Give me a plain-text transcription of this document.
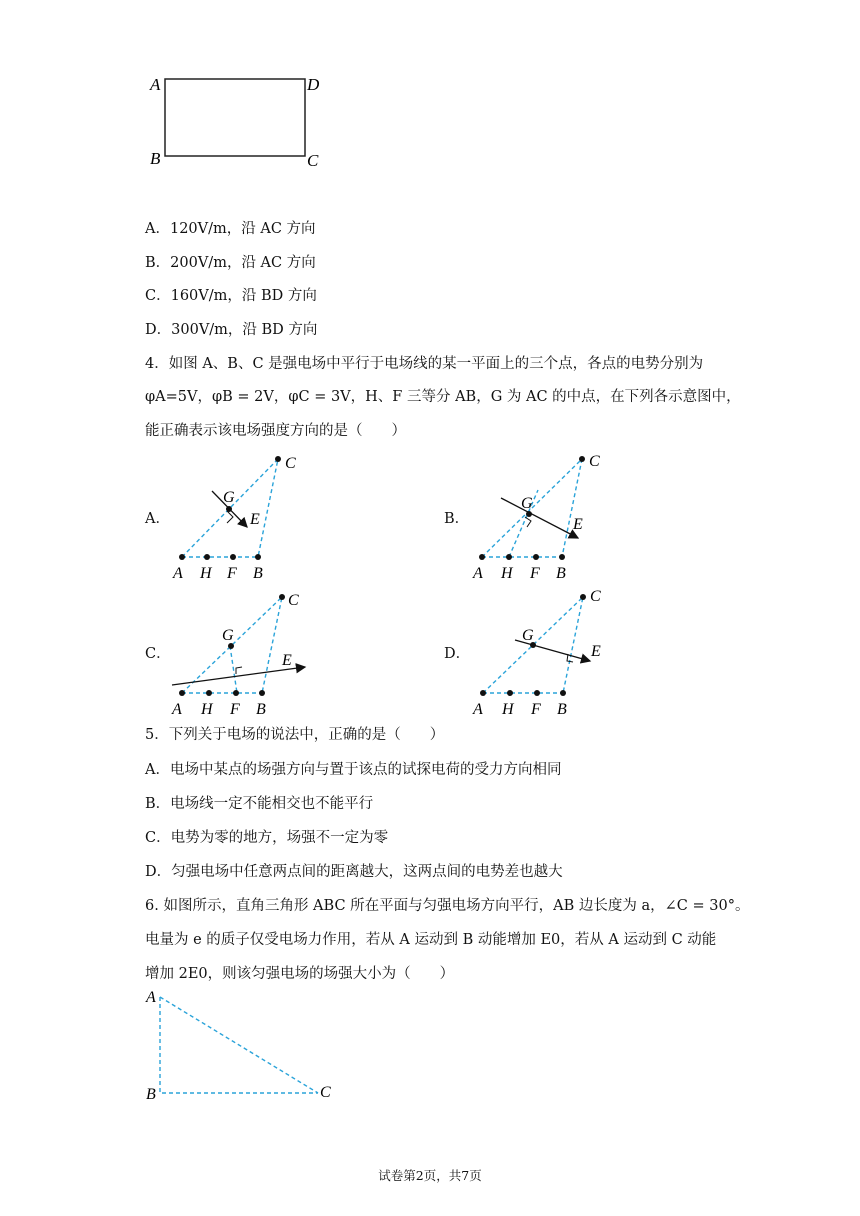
A	D
B	C
A．120V/m，沿 AC 方向
B．200V/m，沿 AC 方向
C．160V/m，沿 BD 方向
D．300V/m，沿 BD 方向
4．如图 A、B、C 是强电场中平行于电场线的某一平面上的三个点，各点的电势分别为
φA=5V，φB = 2V，φC = 3V，H、F 三等分 AB，G 为 AC 的中点，在下列各示意图中，
能正确表示该电场强度方向的是（　　）
A．	B．
C．	D．
C
G
E
A H F B
C
G
E
A H F B
C
G
E
A H F B
C
G
E
A H F B
5．下列关于电场的说法中，正确的是（　　）
A．电场中某点的场强方向与置于该点的试探电荷的受力方向相同
B．电场线一定不能相交也不能平行
C．电势为零的地方，场强不一定为零
D．匀强电场中任意两点间的距离越大，这两点间的电势差也越大
6. 如图所示，直角三角形 ABC 所在平面与匀强电场方向平行，AB 边长度为 a，∠C = 30°。
电量为 e 的质子仅受电场力作用，若从 A 运动到 B 动能增加 E0，若从 A 运动到 C 动能
增加 2E0，则该匀强电场的场强大小为（　　）
A
B	C
试卷第2页，共7页
